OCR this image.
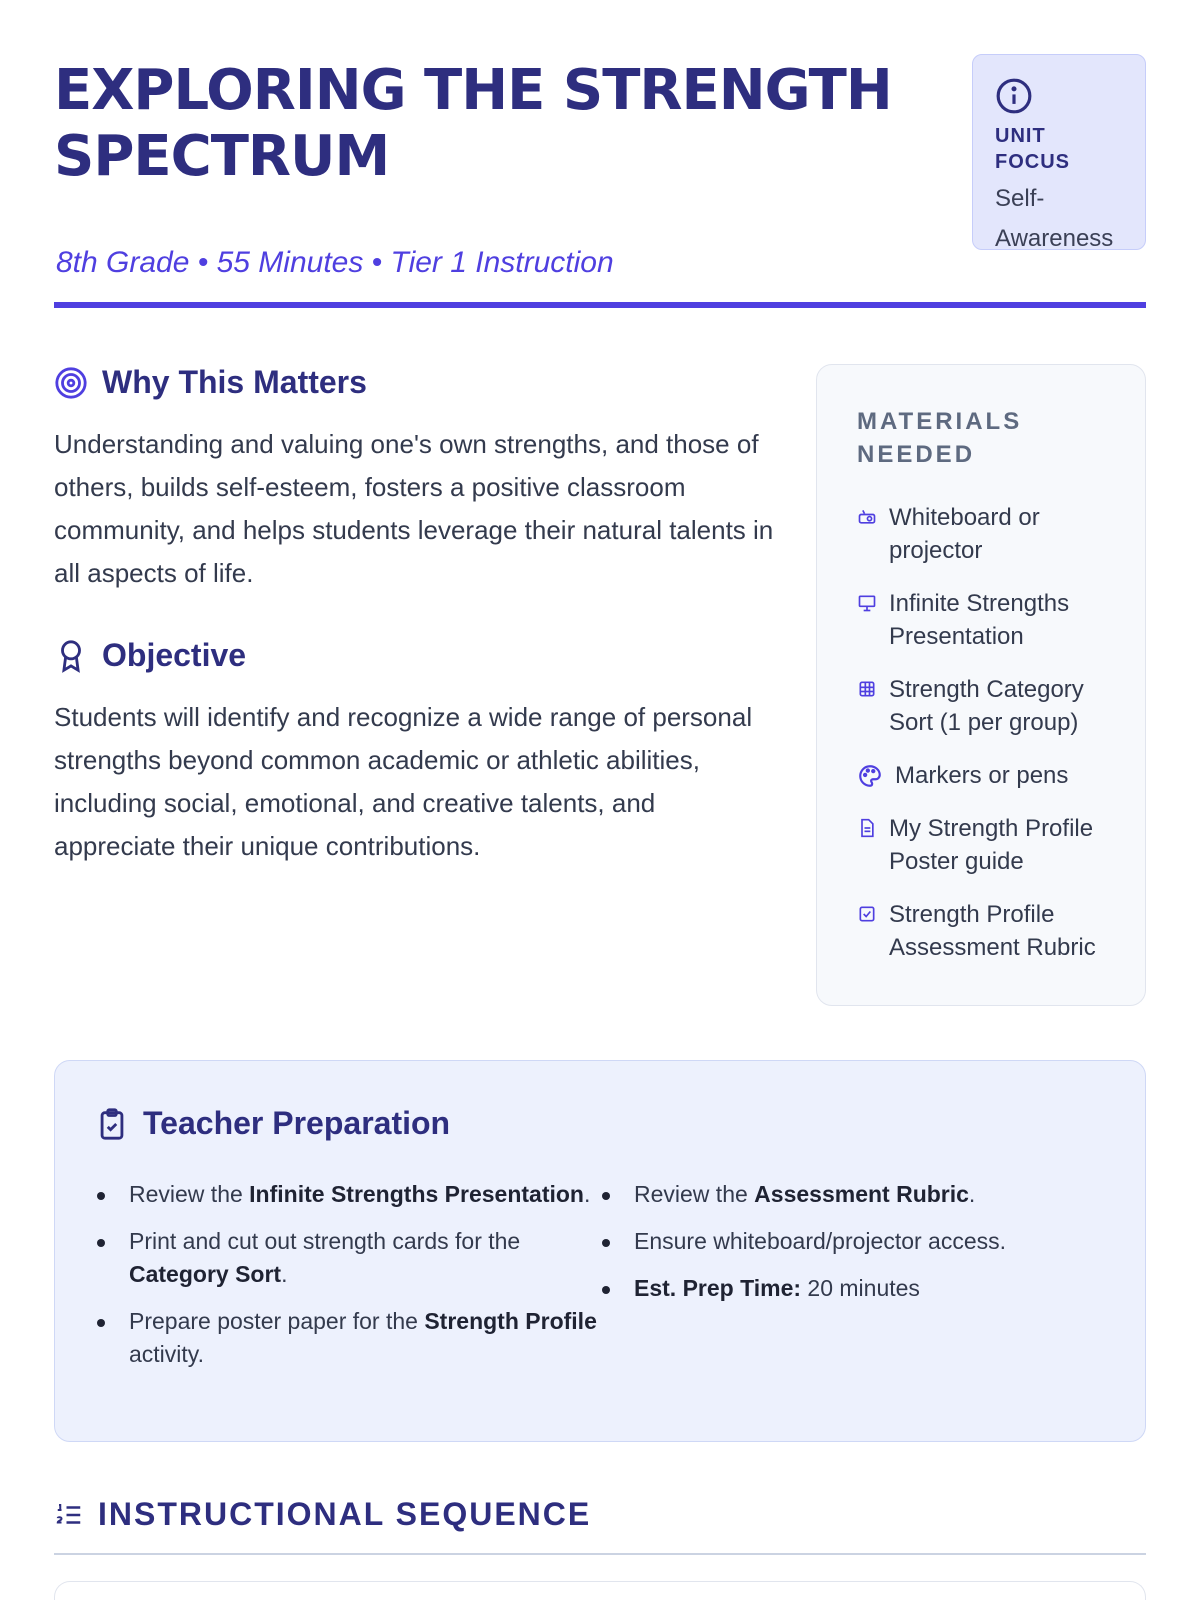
EXPLORING THE STRENGTH SPECTRUM
8th Grade • 55 Minutes • Tier 1 Instruction
UNIT FOCUS
Self-Awareness
Why This Matters

Understanding and valuing one's own strengths, and those of others, builds self-esteem, fosters a positive classroom community, and helps students leverage their natural talents in all aspects of life.

Objective

Students will identify and recognize a wide range of personal strengths beyond common academic or athletic abilities, including social, emotional, and creative talents, and appreciate their unique contributions.

MATERIALS NEEDED
Whiteboard or projector
Infinite Strengths Presentation
Strength Category Sort (1 per group)
Markers or pens
My Strength Profile Poster guide
Strength Profile Assessment Rubric
Teacher Preparation
Review the Infinite Strengths Presentation.
Print and cut out strength cards for the Category Sort.
Prepare poster paper for the Strength Profile activity.
Review the Assessment Rubric.
Ensure whiteboard/projector access.
Est. Prep Time: 20 minutes
INSTRUCTIONAL SEQUENCE
